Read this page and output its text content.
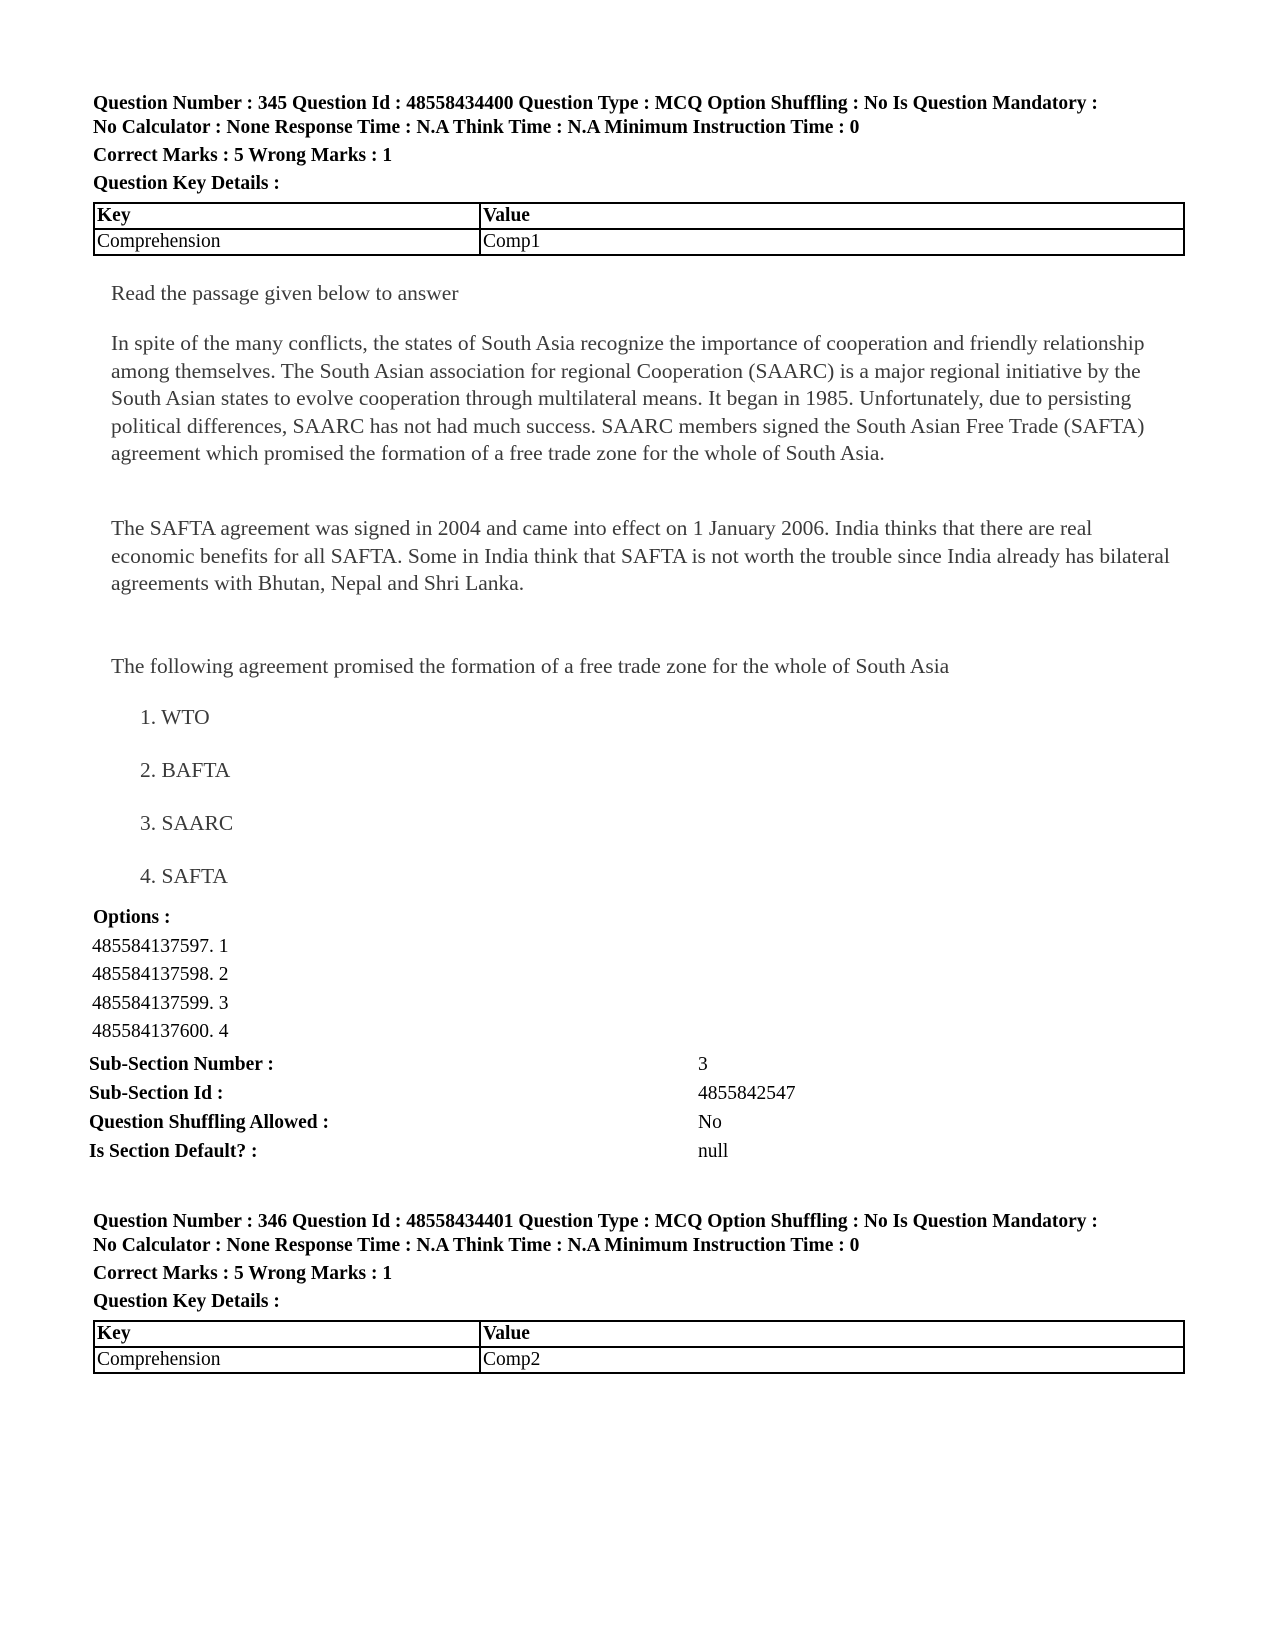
Question Number : 345 Question Id : 48558434400 Question Type : MCQ Option Shuffling : No Is Question Mandatory :
No Calculator : None Response Time : N.A Think Time : N.A Minimum Instruction Time : 0
Correct Marks : 5 Wrong Marks : 1
Question Key Details :
Key	Value
Comprehension	Comp1
Read the passage given below to answer

In spite of the many conflicts, the states of South Asia recognize the importance of cooperation and friendly relationship among themselves. The South Asian association for regional Cooperation (SAARC) is a major regional initiative by the South Asian states to evolve cooperation through multilateral means. It began in 1985. Unfortunately, due to persisting political differences, SAARC has not had much success. SAARC members signed the South Asian Free Trade (SAFTA) agreement which promised the formation of a free trade zone for the whole of South Asia.

The SAFTA agreement was signed in 2004 and came into effect on 1 January 2006. India thinks that there are real economic benefits for all SAFTA. Some in India think that SAFTA is not worth the trouble since India already has bilateral agreements with Bhutan, Nepal and Shri Lanka.

The following agreement promised the formation of a free trade zone for the whole of South Asia
1. WTO
2. BAFTA
3. SAARC
4. SAFTA
Options :
485584137597. 1
485584137598. 2
485584137599. 3
485584137600. 4
Sub-Section Number :	3
Sub-Section Id :	4855842547
Question Shuffling Allowed :	No
Is Section Default? :	null
Question Number : 346 Question Id : 48558434401 Question Type : MCQ Option Shuffling : No Is Question Mandatory :
No Calculator : None Response Time : N.A Think Time : N.A Minimum Instruction Time : 0
Correct Marks : 5 Wrong Marks : 1
Question Key Details :
Key	Value
Comprehension	Comp2
